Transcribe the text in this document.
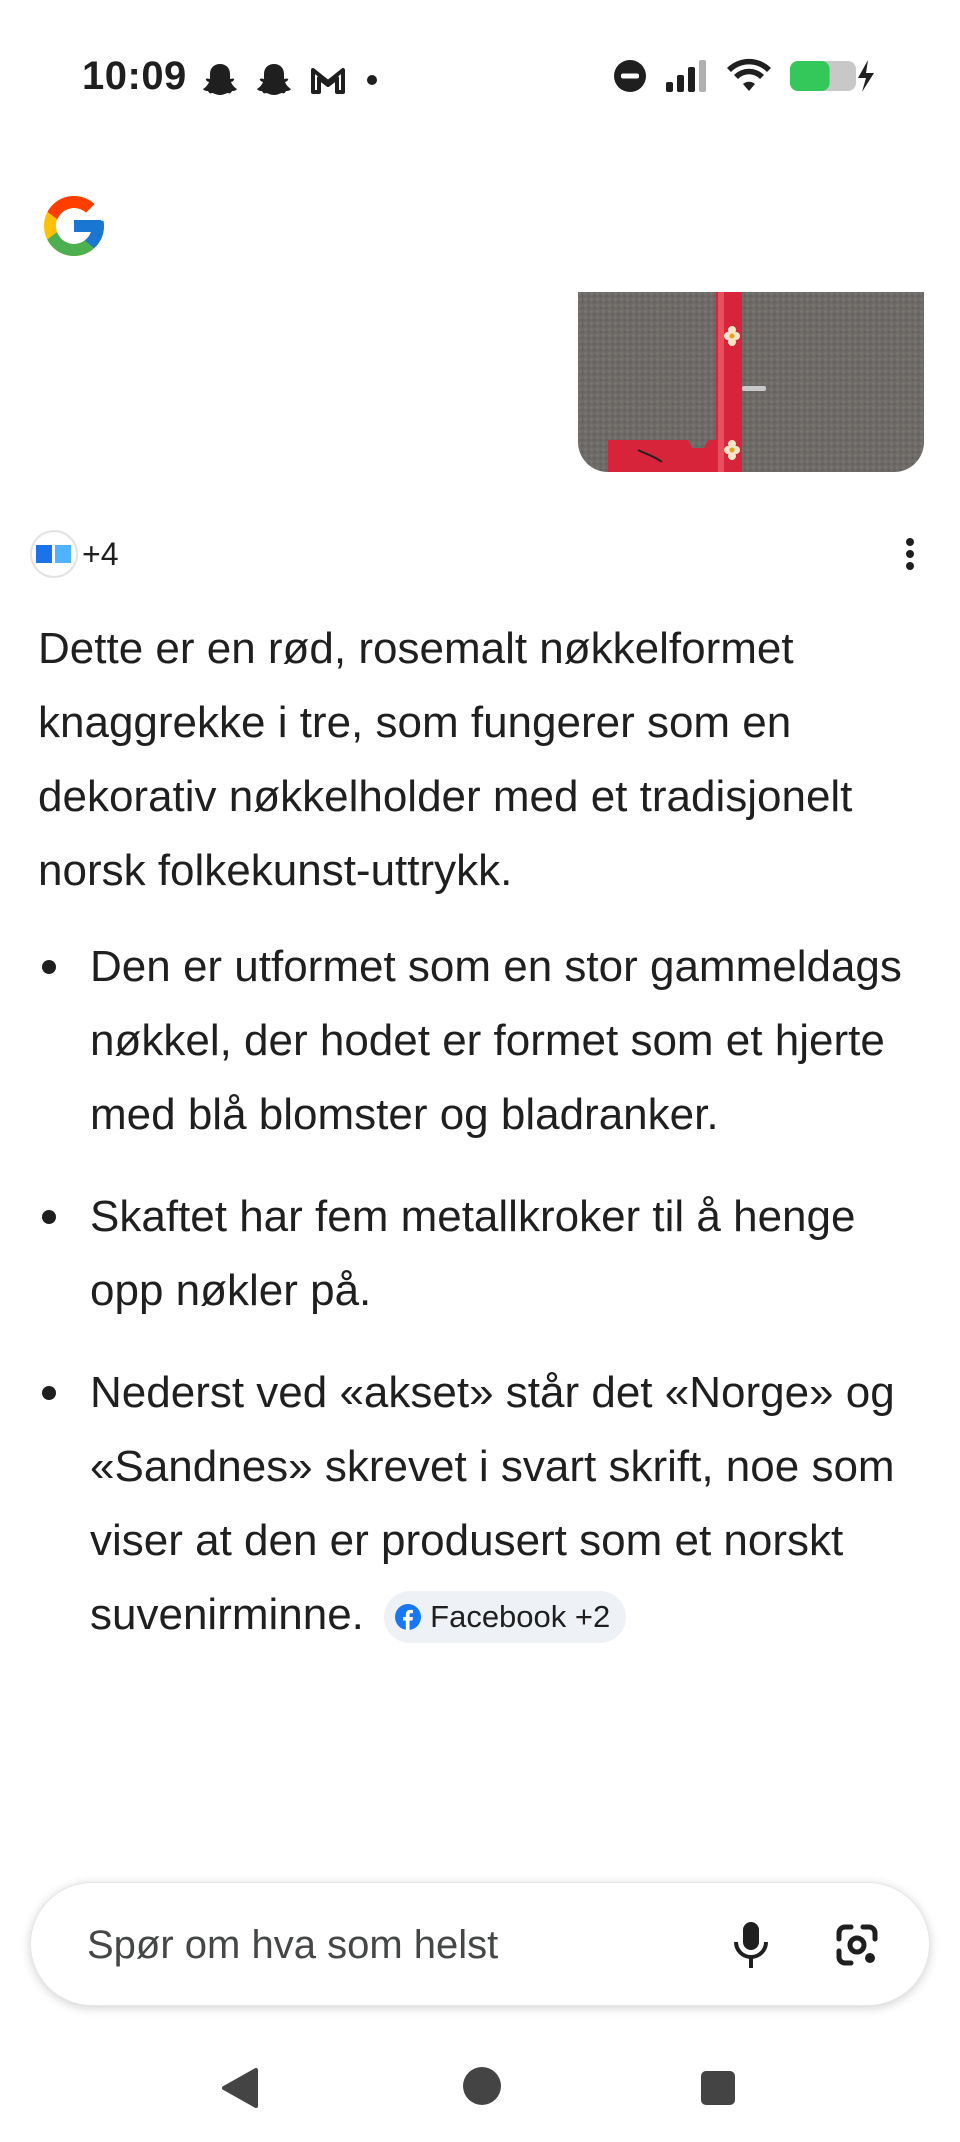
10:09
+4

Dette er en rød, rosemalt nøkkelformet knaggrekke i tre, som fungerer som en dekorativ nøkkelholder med et tradisjonelt norsk folkekunst-uttrykk.

Den er utformet som en stor gammeldags nøkkel, der hodet er formet som et hjerte med blå blomster og bladranker.
Skaftet har fem metallkroker til å henge opp nøkler på.
Nederst ved «akset» står det «Norge» og «Sandnes» skrevet i svart skrift, noe som viser at den er produsert som et norskt suvenirminne. Facebook +2
Spør om hva som helst
